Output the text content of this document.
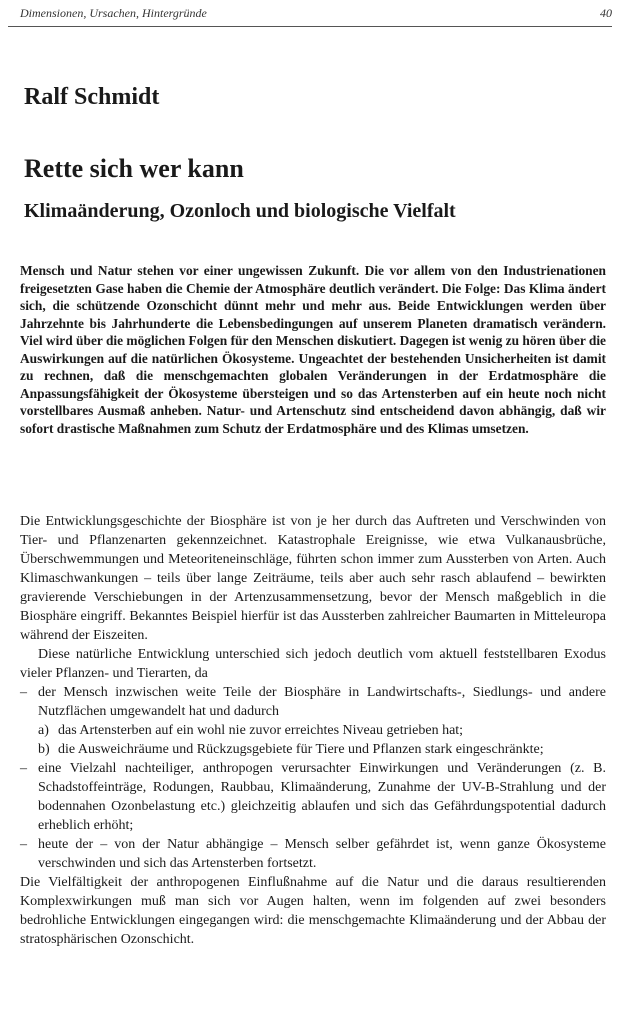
Dimensionen, Ursachen, Hintergründe	40
Ralf Schmidt
Rette sich wer kann
Klimaänderung, Ozonloch und biologische Vielfalt

Mensch und Natur stehen vor einer ungewissen Zukunft. Die vor allem von den Industrienationen freigesetzten Gase haben die Chemie der Atmosphäre deutlich verändert. Die Folge: Das Klima ändert sich, die schützende Ozonschicht dünnt mehr und mehr aus. Beide Entwicklungen werden über Jahrzehnte bis Jahrhunderte die Lebensbedingungen auf unserem Planeten dramatisch verändern. Viel wird über die möglichen Folgen für den Menschen diskutiert. Dagegen ist wenig zu hören über die Auswirkungen auf die natürlichen Ökosysteme. Ungeachtet der bestehenden Unsicherheiten ist damit zu rechnen, daß die menschgemachten globalen Veränderungen in der Erdatmosphäre die Anpassungsfähigkeit der Ökosysteme übersteigen und so das Artensterben auf ein heute noch nicht vorstellbares Ausmaß anheben. Natur- und Artenschutz sind entscheidend davon abhängig, daß wir sofort drastische Maßnahmen zum Schutz der Erdatmosphäre und des Klimas umsetzen.

Die Entwicklungsgeschichte der Biosphäre ist von je her durch das Auftreten und Verschwinden von Tier- und Pflanzenarten gekennzeichnet. Katastrophale Ereignisse, wie etwa Vulkanausbrüche, Überschwemmungen und Meteoriteneinschläge, führten schon immer zum Aussterben von Arten. Auch Klimaschwankungen – teils über lange Zeiträume, teils aber auch sehr rasch ablaufend – bewirkten gravierende Verschiebungen in der Artenzusammensetzung, bevor der Mensch maßgeblich in die Biosphäre eingriff. Bekanntes Beispiel hierfür ist das Aussterben zahlreicher Baumarten in Mitteleuropa während der Eiszeiten.

Diese natürliche Entwicklung unterschied sich jedoch deutlich vom aktuell feststellbaren Exodus vieler Pflanzen- und Tierarten, da

– der Mensch inzwischen weite Teile der Biosphäre in Landwirtschafts-, Siedlungs- und andere Nutzflächen umgewandelt hat und dadurch
a) das Artensterben auf ein wohl nie zuvor erreichtes Niveau getrieben hat;
b) die Ausweichräume und Rückzugsgebiete für Tiere und Pflanzen stark eingeschränkte;
– eine Vielzahl nachteiliger, anthropogen verursachter Einwirkungen und Veränderungen (z. B. Schadstoffeinträge, Rodungen, Raubbau, Klimaänderung, Zunahme der UV-B-Strahlung und der bodennahen Ozonbelastung etc.) gleichzeitig ablaufen und sich das Gefährdungspotential dadurch erheblich erhöht;
– heute der – von der Natur abhängige – Mensch selber gefährdet ist, wenn ganze Ökosysteme verschwinden und sich das Artensterben fortsetzt.

Die Vielfältigkeit der anthropogenen Einflußnahme auf die Natur und die daraus resultierenden Komplexwirkungen muß man sich vor Augen halten, wenn im folgenden auf zwei besonders bedrohliche Entwicklungen eingegangen wird: die menschgemachte Klimaänderung und der Abbau der stratosphärischen Ozonschicht.
